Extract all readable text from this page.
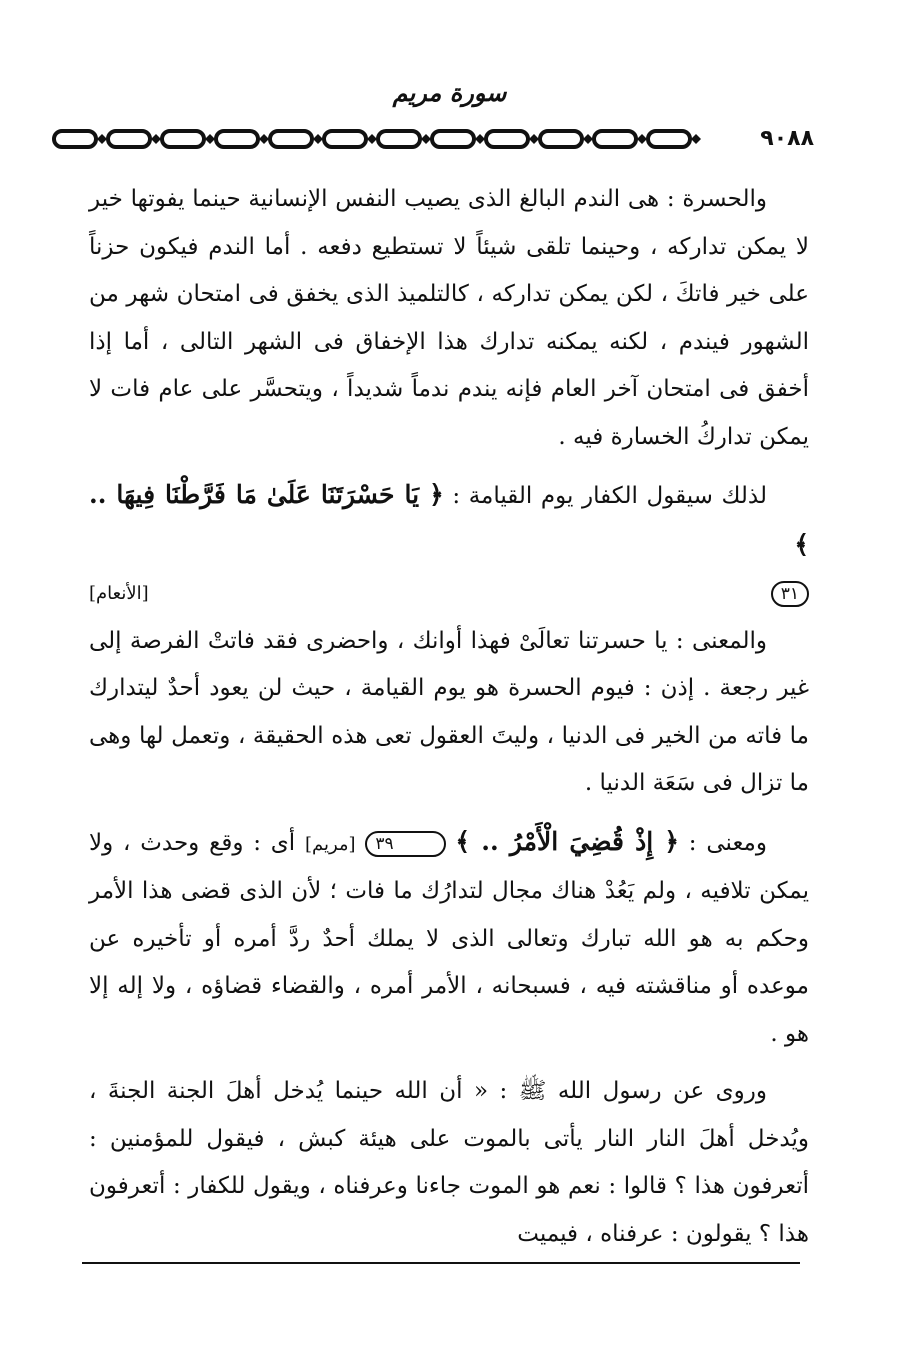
سورة مريم
٩٠٨٨

والحسرة : هى الندم البالغ الذى يصيب النفس الإنسانية حينما يفوتها خير لا يمكن تداركه ، وحينما تلقى شيئاً لا تستطيع دفعه . أما الندم فيكون حزناً على خير فاتكَ ، لكن يمكن تداركه ، كالتلميذ الذى يخفق فى امتحان شهر من الشهور فيندم ، لكنه يمكنه تدارك هذا الإخفاق فى الشهر التالى ، أما إذا أخفق فى امتحان آخر العام فإنه يندم ندماً شديداً ، ويتحسَّر على عام فات لا يمكن تداركُ الخسارة فيه .

لذلك سيقول الكفار يوم القيامة : ﴿ يَا حَسْرَتَنَا عَلَىٰ مَا فَرَّطْنَا فِيهَا .. ﴾

٣١
[الأنعام]

والمعنى : يا حسرتنا تعالَىْ فهذا أوانك ، واحضرى فقد فاتتْ الفرصة إلى غير رجعة . إذن : فيوم الحسرة هو يوم القيامة ، حيث لن يعود أحدٌ ليتدارك ما فاته من الخير فى الدنيا ، وليتَ العقول تعى هذه الحقيقة ، وتعمل لها وهى ما تزال فى سَعَة الدنيا .

ومعنى : ﴿ إِذْ قُضِيَ الْأَمْرُ .. ﴾ ٣٩ [مريم] أى : وقع وحدث ، ولا يمكن تلافيه ، ولم يَعُدْ هناك مجال لتدارُك ما فات ؛ لأن الذى قضى هذا الأمر وحكم به هو الله تبارك وتعالى الذى لا يملك أحدٌ ردَّ أمره أو تأخيره عن موعده أو مناقشته فيه ، فسبحانه ، الأمر أمره ، والقضاء قضاؤه ، ولا إله إلا هو .

وروى عن رسول الله ﷺ : « أن الله حينما يُدخل أهلَ الجنة الجنةَ ، ويُدخل أهلَ النار النار يأتى بالموت على هيئة كبش ، فيقول للمؤمنين : أتعرفون هذا ؟ قالوا : نعم هو الموت جاءنا وعرفناه ، ويقول للكفار : أتعرفون هذا ؟ يقولون : عرفناه ، فيميت
